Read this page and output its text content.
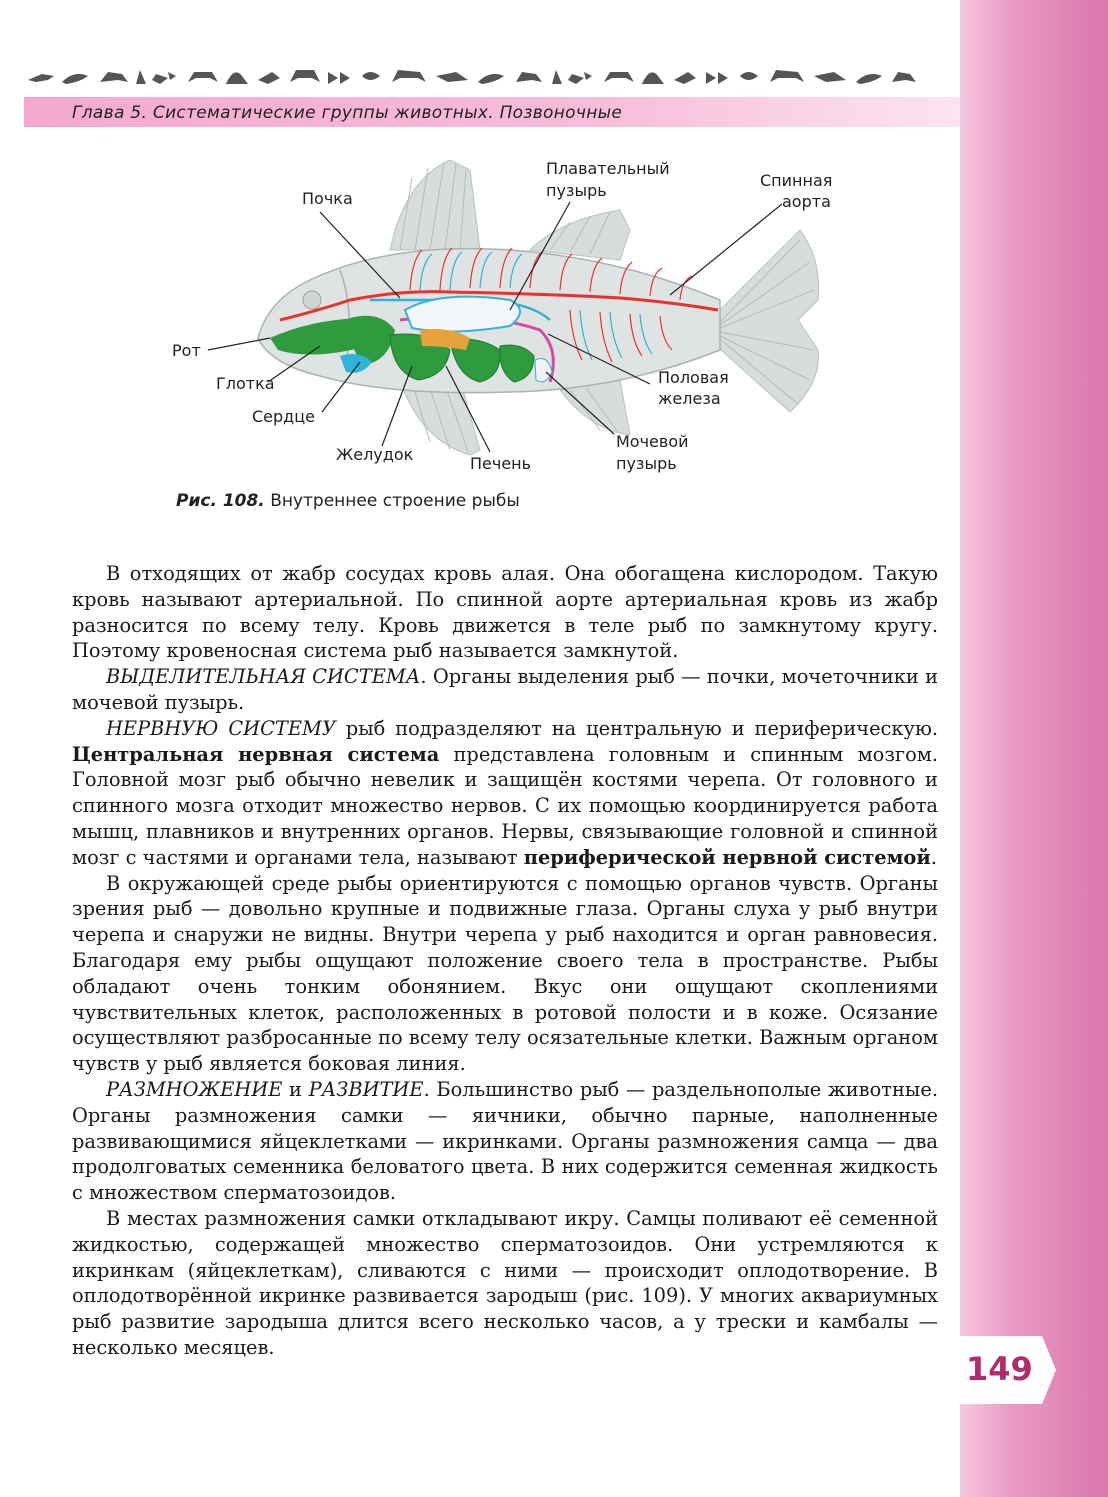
Глава 5. Систематические группы животных. Позвоночные
Почка
Плавательный
пузырь
Спинная
аорта
Рот
Глотка
Сердце
Желудок	Печень
Половая
железа
Мочевой
пузырь
Рис. 108. Внутреннее строение рыбы

В отходящих от жабр сосудах кровь алая. Она обогащена кислородом. Такую кровь называют артериальной. По спинной аорте артериальная кровь из жабр разносится по всему телу. Кровь движется в теле рыб по замкнутому кругу. Поэтому кровеносная система рыб называется замкнутой.

ВЫДЕЛИТЕЛЬНАЯ СИСТЕМА. Органы выделения рыб — почки, мочеточники и мочевой пузырь.

НЕРВНУЮ СИСТЕМУ рыб подразделяют на центральную и периферическую. Центральная нервная система представлена головным и спинным мозгом. Головной мозг рыб обычно невелик и защищён костями черепа. От головного и спинного мозга отходит множество нервов. С их помощью координируется работа мышц, плавников и внутренних органов. Нервы, связывающие головной и спинной мозг с частями и органами тела, называют периферической нервной системой.

В окружающей среде рыбы ориентируются с помощью органов чувств. Органы зрения рыб — довольно крупные и подвижные глаза. Органы слуха у рыб внутри черепа и снаружи не видны. Внутри черепа у рыб находится и орган равновесия. Благодаря ему рыбы ощущают положение своего тела в пространстве. Рыбы обладают очень тонким обонянием. Вкус они ощущают скоплениями чувствительных клеток, расположенных в ротовой полости и в коже. Осязание осуществляют разбросанные по всему телу осязательные клетки. Важным органом чувств у рыб является боковая линия.

РАЗМНОЖЕНИЕ и РАЗВИТИЕ. Большинство рыб — раздельнополые животные. Органы размножения самки — яичники, обычно парные, наполненные развивающимися яйцеклетками — икринками. Органы размножения самца — два продолговатых семенника беловатого цвета. В них содержится семенная жидкость с множеством сперматозоидов.

В местах размножения самки откладывают икру. Самцы поливают её семенной жидкостью, содержащей множество сперматозоидов. Они устремляются к икринкам (яйцеклеткам), сливаются с ними — происходит оплодотворение. В оплодотворённой икринке развивается зародыш (рис. 109). У многих аквариумных рыб развитие зародыша длится всего несколько часов, а у трески и камбалы — несколько месяцев.

149
